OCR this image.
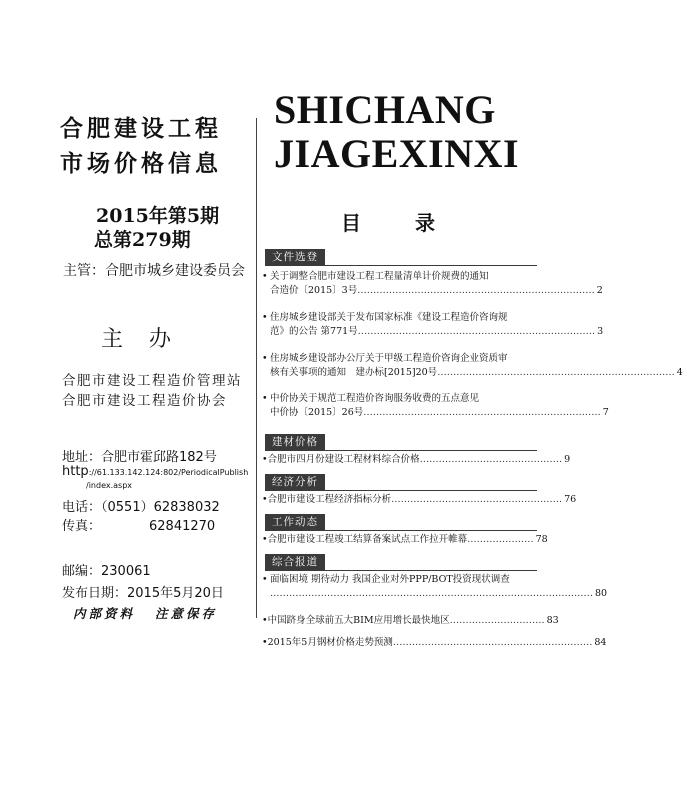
合肥建设工程
市场价格信息
2015年第5期
总第279期
主管：合肥市城乡建设委员会
主办
合肥市建设工程造价管理站
合肥市建设工程造价协会
地址：合肥市霍邱路182号
http://61.133.142.124:802/PeriodicalPublish
/index.aspx
电话：（0551）62838032
传真：	62841270
邮编：230061
发布日期：2015年5月20日
内部资料 注意保存
SHICHANG
JIAGEXINXI
目录
文件选登
• 关于调整合肥市建设工程工程量清单计价规费的通知
合造价〔2015〕3号 ………………………………………………………………… 2
• 住房城乡建设部关于发布国家标准《建设工程造价咨询规
范》的公告 第771号 ………………………………………………………………… 3
• 住房城乡建设部办公厅关于甲级工程造价咨询企业资质审
核有关事项的通知　建办标[2015]20号 ………………………………………………………………… 4
• 中价协关于规范工程造价咨询服务收费的五点意见
中价协〔2015〕26号 ………………………………………………………………… 7
建材价格
• 合肥市四月份建设工程材料综合价格 ……………………………………… 9
经济分析
• 合肥市建设工程经济指标分析 ……………………………………………… 76
工作动态
• 合肥市建设工程竣工结算备案试点工作拉开帷幕 ………………… 78
综合报道
• 面临困境 期待动力 我国企业对外PPP/BOT投资现状调查
………………………………………………………………………………………… 80
• 中国跻身全球前五大BIM应用增长最快地区 ………………………… 83
• 2015年5月钢材价格走势预测 ……………………………………………………… 84
